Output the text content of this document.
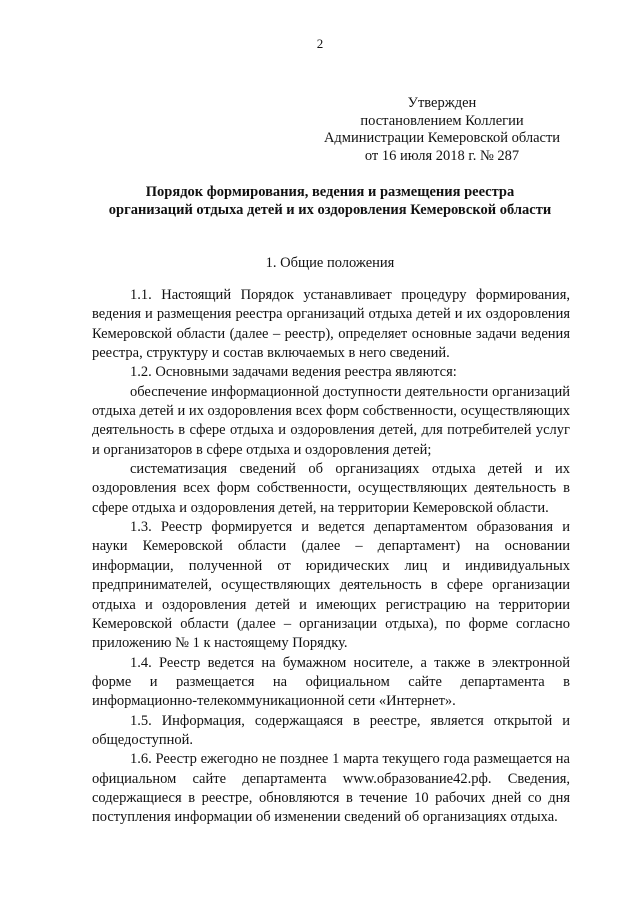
2
Утвержден
постановлением Коллегии
Администрации Кемеровской области
от 16 июля 2018 г. № 287
Порядок формирования, ведения и размещения реестра
организаций отдыха детей и их оздоровления Кемеровской области
1. Общие положения

1.1. Настоящий Порядок устанавливает процедуру формирования, ведения и размещения реестра организаций отдыха детей и их оздоровления Кемеровской области (далее – реестр), определяет основные задачи ведения реестра, структуру и состав включаемых в него сведений.

1.2. Основными задачами ведения реестра являются:

обеспечение информационной доступности деятельности организаций отдыха детей и их оздоровления всех форм собственности, осуществляющих деятельность в сфере отдыха и оздоровления детей, для потребителей услуг и организаторов в сфере отдыха и оздоровления детей;

систематизация сведений об организациях отдыха детей и их оздоровления всех форм собственности, осуществляющих деятельность в сфере отдыха и оздоровления детей, на территории Кемеровской области.

1.3. Реестр формируется и ведется департаментом образования и науки Кемеровской области (далее – департамент) на основании информации, полученной от юридических лиц и индивидуальных предпринимателей, осуществляющих деятельность в сфере организации отдыха и оздоровления детей и имеющих регистрацию на территории Кемеровской области (далее – организации отдыха), по форме согласно приложению № 1 к настоящему Порядку.

1.4. Реестр ведется на бумажном носителе, а также в электронной форме и размещается на официальном сайте департамента в информационно-телекоммуникационной сети «Интернет».

1.5. Информация, содержащаяся в реестре, является открытой и общедоступной.

1.6. Реестр ежегодно не позднее 1 марта текущего года размещается на официальном сайте департамента www.образование42.рф. Сведения, содержащиеся в реестре, обновляются в течение 10 рабочих дней со дня поступления информации об изменении сведений об организациях отдыха.
